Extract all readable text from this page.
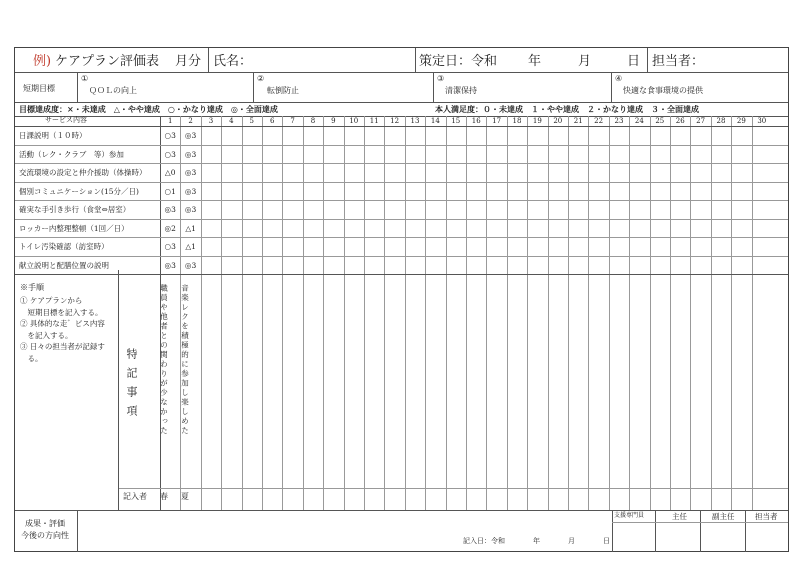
例) ケアプラン評価表 月分 氏名：	策定日：令和 年	月	日 担当者：
短期目標
①
ＱＯＬの向上
②
転倒防止
③
清潔保持
④
快適な食事環境の提供
目標達成度：×・未達成　△・やや達成　○・かなり達成　◎・全面達成	本人満足度：０・未達成　１・やや達成　２・かなり達成　３・全面達成
サービス内容	1	2	3	4	5	6	7	8	9	10	11	12	13	14	15	16	17	18	19	20	21	22	23	24	25	26	27	28	29	30
日課説明（１０時）	○3	◎3
活動（レク・クラブ　等）参加	○3	◎3
交流環境の設定と仲介援助（体操時）	△0	◎3
個別コミュニケーション(15分／日)	○1	◎3
確実な手引き歩行（食堂⇔居室）	◎3	◎3
ロッカー内整理整頓（1回／日）	◎2	△1
トイレ汚染確認（訪室時）	○3	△1
献立説明と配膳位置の説明	◎3	◎3
※手順
① ケアプランから
　短期目標を記入する。
② 具体的な走゛ビス内容
　を記入する。
③ 日々の担当者が記録す
　る。	特記事項	職員や他者との関わりが少なかった 音楽レクを積極的に参加し楽しめた
記入者 春 夏
成果・評価
今後の方向性
記入日：令和　　　　年　　　　月　　　　日
支援専門員	主任	副主任	担当者
